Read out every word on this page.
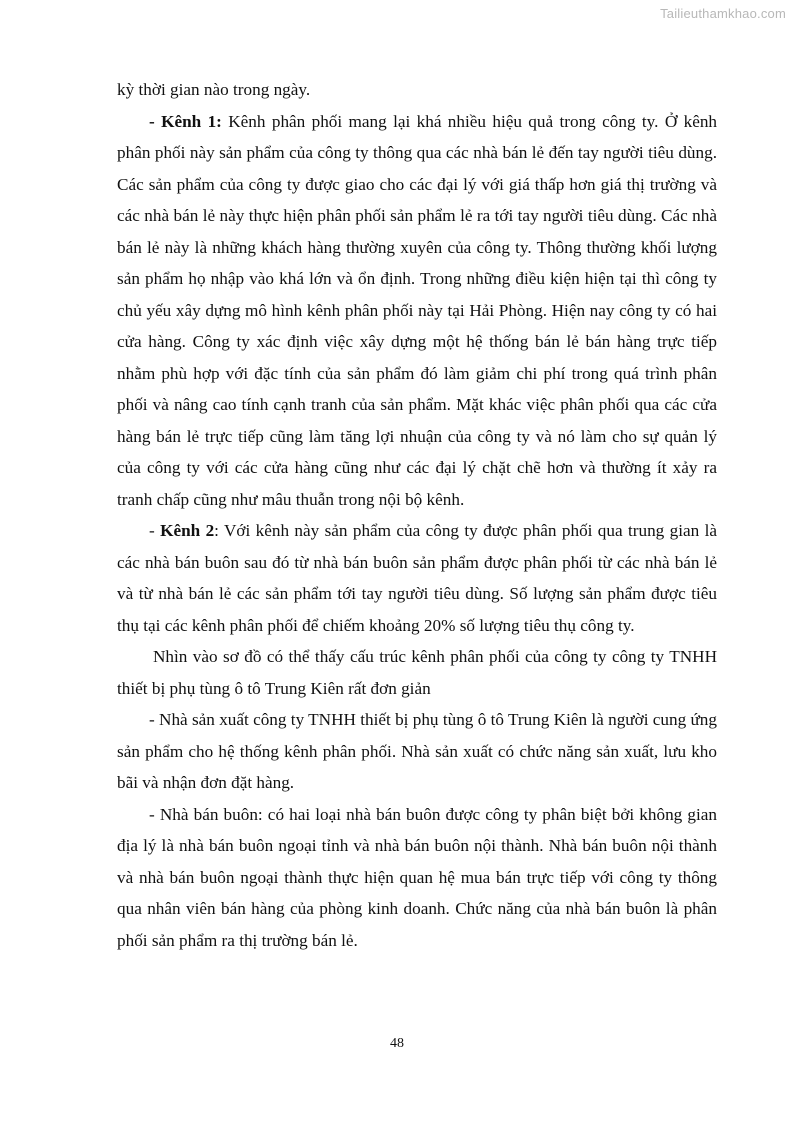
Tailieuthamkhao.com

kỳ thời gian nào trong ngày.

- Kênh 1: Kênh phân phối mang lại khá nhiều hiệu quả trong công ty. Ở kênh phân phối này sản phẩm của công ty thông qua các nhà bán lẻ đến tay người tiêu dùng. Các sản phẩm của công ty được giao cho các đại lý với giá thấp hơn giá thị trường và các nhà bán lẻ này thực hiện phân phối sản phẩm lẻ ra tới tay người tiêu dùng. Các nhà bán lẻ này là những khách hàng thường xuyên của công ty. Thông thường khối lượng sản phẩm họ nhập vào khá lớn và ổn định. Trong những điều kiện hiện tại thì công ty chủ yếu xây dựng mô hình kênh phân phối này tại Hải Phòng. Hiện nay công ty có hai cửa hàng. Công ty xác định việc xây dựng một hệ thống bán lẻ bán hàng trực tiếp nhằm phù hợp với đặc tính của sản phẩm đó làm giảm chi phí trong quá trình phân phối và nâng cao tính cạnh tranh của sản phẩm. Mặt khác việc phân phối qua các cửa hàng bán lẻ trực tiếp cũng làm tăng lợi nhuận của công ty và nó làm cho sự quản lý của công ty với các cửa hàng cũng như các đại lý chặt chẽ hơn và thường ít xảy ra tranh chấp cũng như mâu thuẫn trong nội bộ kênh.

- Kênh 2: Với kênh này sản phẩm của công ty được phân phối qua trung gian là các nhà bán buôn sau đó từ nhà bán buôn sản phẩm được phân phối từ các nhà bán lẻ và từ nhà bán lẻ các sản phẩm tới tay người tiêu dùng. Số lượng sản phẩm được tiêu thụ tại các kênh phân phối để chiếm khoảng 20% số lượng tiêu thụ công ty.

Nhìn vào sơ đồ có thể thấy cấu trúc kênh phân phối của công ty công ty TNHH thiết bị phụ tùng ô tô Trung Kiên rất đơn giản

- Nhà sản xuất công ty TNHH thiết bị phụ tùng ô tô Trung Kiên là người cung ứng sản phẩm cho hệ thống kênh phân phối. Nhà sản xuất có chức năng sản xuất, lưu kho bãi và nhận đơn đặt hàng.

- Nhà bán buôn: có hai loại nhà bán buôn được công ty phân biệt bởi không gian địa lý là nhà bán buôn ngoại tỉnh và nhà bán buôn nội thành. Nhà bán buôn nội thành và nhà bán buôn ngoại thành thực hiện quan hệ mua bán trực tiếp với công ty thông qua nhân viên bán hàng của phòng kinh doanh. Chức năng của nhà bán buôn là phân phối sản phẩm ra thị trường bán lẻ.

48
